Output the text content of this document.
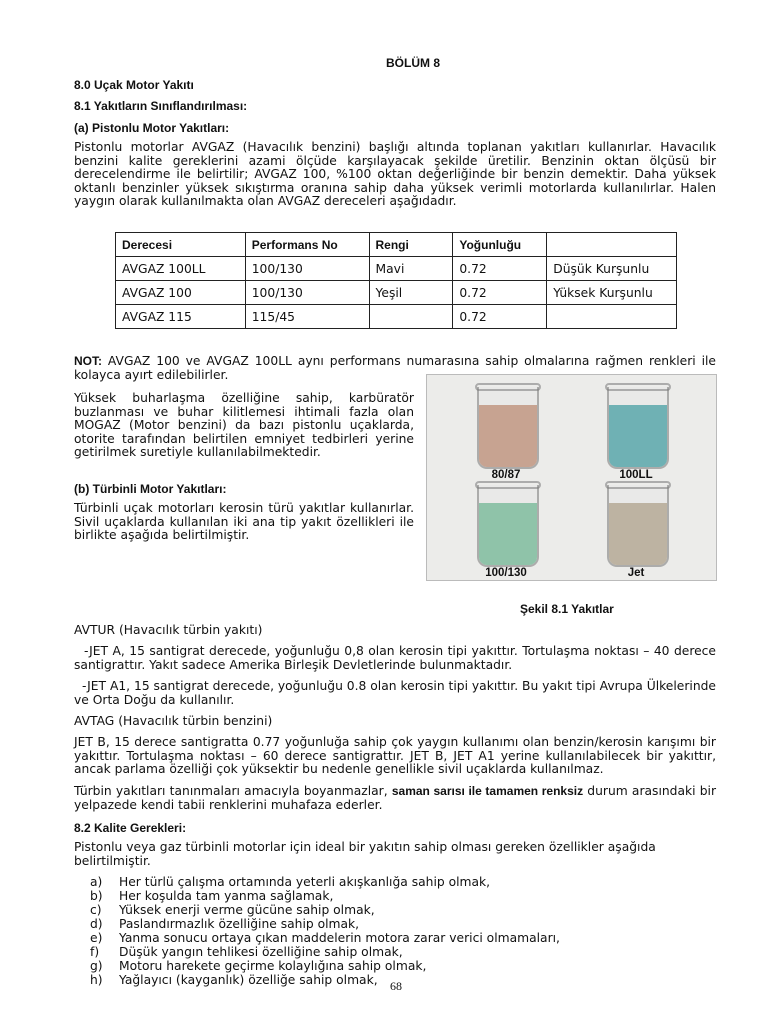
BÖLÜM 8
8.0 Uçak Motor Yakıtı
8.1 Yakıtların Sınıflandırılması:
(a) Pistonlu Motor Yakıtları:
Pistonlu motorlar AVGAZ (Havacılık benzini) başlığı altında toplanan yakıtları kullanırlar. Havacılık benzini kalite gereklerini azami ölçüde karşılayacak şekilde üretilir. Benzinin oktan ölçüsü bir derecelendirme ile belirtilir; AVGAZ 100, %100 oktan değerliğinde bir benzin demektir. Daha yüksek oktanlı benzinler yüksek sıkıştırma oranına sahip daha yüksek verimli motorlarda kullanılırlar. Halen yaygın olarak kullanılmakta olan AVGAZ dereceleri aşağıdadır.
Derecesi	Performans No	Rengi	Yoğunluğu	
AVGAZ 100LL	100/130	Mavi	0.72	Düşük Kurşunlu
AVGAZ 100	100/130	Yeşil	0.72	Yüksek Kurşunlu
AVGAZ 115	115/45		0.72	
NOT: AVGAZ 100 ve AVGAZ 100LL aynı performans numarasına sahip olmalarına rağmen renkleri ile kolayca ayırt edilebilirler.
Yüksek buharlaşma özelliğine sahip, karbüratör buzlanması ve buhar kilitlemesi ihtimali fazla olan MOGAZ (Motor benzini) da bazı pistonlu uçaklarda, otorite tarafından belirtilen emniyet tedbirleri yerine getirilmek suretiyle kullanılabilmektedir.
(b) Türbinli Motor Yakıtları:
Türbinli uçak motorları kerosin türü yakıtlar kullanırlar. Sivil uçaklarda kullanılan iki ana tip yakıt özellikleri ile birlikte aşağıda belirtilmiştir.
80/87	100LL
100/130	Jet
Şekil 8.1 Yakıtlar
AVTUR (Havacılık türbin yakıtı)
-JET A, 15 santigrat derecede, yoğunluğu 0,8 olan kerosin tipi yakıttır. Tortulaşma noktası – 40 derece santigrattır. Yakıt sadece Amerika Birleşik Devletlerinde bulunmaktadır.
-JET A1, 15 santigrat derecede, yoğunluğu 0.8 olan kerosin tipi yakıttır. Bu yakıt tipi Avrupa Ülkelerinde ve Orta Doğu da kullanılır.
AVTAG (Havacılık türbin benzini)
JET B, 15 derece santigratta 0.77 yoğunluğa sahip çok yaygın kullanımı olan benzin/kerosin karışımı bir yakıttır. Tortulaşma noktası – 60 derece santigrattır. JET B, JET A1 yerine kullanılabilecek bir yakıttır, ancak parlama özelliği çok yüksektir bu nedenle genellikle sivil uçaklarda kullanılmaz.
Türbin yakıtları tanınmaları amacıyla boyanmazlar, saman sarısı ile tamamen renksiz durum arasındaki bir yelpazede kendi tabii renklerini muhafaza ederler.
8.2 Kalite Gerekleri:
Pistonlu veya gaz türbinli motorlar için ideal bir yakıtın sahip olması gereken özellikler aşağıda belirtilmiştir.
a) Her türlü çalışma ortamında yeterli akışkanlığa sahip olmak,
b) Her koşulda tam yanma sağlamak,
c) Yüksek enerji verme gücüne sahip olmak,
d) Paslandırmazlık özelliğine sahip olmak,
e) Yanma sonucu ortaya çıkan maddelerin motora zarar verici olmamaları,
f) Düşük yangın tehlikesi özelliğine sahip olmak,
g) Motoru harekete geçirme kolaylığına sahip olmak,
h) Yağlayıcı (kayganlık) özelliğe sahip olmak,	68
